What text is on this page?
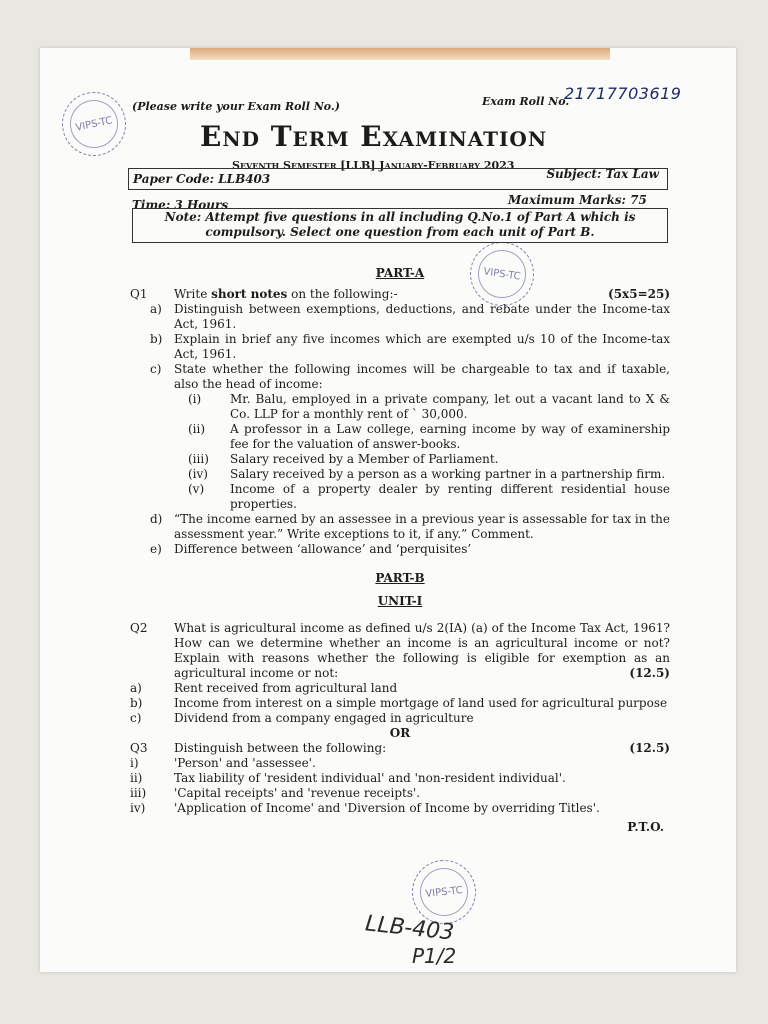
VIPS-TC
VIPS-TC
VIPS-TC
(Please write your Exam Roll No.)	Exam Roll No.
21717703619
End Term Examination
Seventh Semester [LLB] January-February 2023
Paper Code: LLB403	Subject: Tax Law
Time: 3 Hours	Maximum Marks: 75
Note: Attempt five questions in all including Q.No.1 of Part A which is compulsory. Select one question from each unit of Part B.
PART-A
Q1	(5x5=25)
Write short notes on the following:-
a)	Distinguish between exemptions, deductions, and rebate under the Income-tax Act, 1961.
b) Explain in brief any five incomes which are exempted u/s 10 of the Income-tax Act, 1961.
c)	State whether the following incomes will be chargeable to tax and if taxable, also the head of income:
(i)	Mr. Balu, employed in a private company, let out a vacant land to X & Co. LLP for a monthly rent of ` 30,000.
(ii)	A professor in a Law college, earning income by way of examinership fee for the valuation of answer-books.
(iii)	Salary received by a Member of Parliament.
(iv)	Salary received by a person as a working partner in a partnership firm.
(v)	Income of a property dealer by renting different residential house properties.
d) “The income earned by an assessee in a previous year is assessable for tax in the assessment year.” Write exceptions to it, if any.” Comment.
e)	Difference between ‘allowance’ and ‘perquisites’
PART-B
UNIT-I
Q2 What is agricultural income as defined u/s 2(IA) (a) of the Income Tax Act, 1961? How can we determine whether an income is an agricultural income or not? Explain with reasons whether the following is eligible for exemption as an agricultural income or not:	(12.5)
a)	Rent received from agricultural land
b)	Income from interest on a simple mortgage of land used for agricultural purpose
c)	Dividend from a company engaged in agriculture
OR
Q3	(12.5)
Distinguish between the following:
i)	'Person' and 'assessee'.
ii)	Tax liability of 'resident individual' and 'non-resident individual'.
iii)	'Capital receipts' and 'revenue receipts'.
iv)	'Application of Income' and 'Diversion of Income by overriding Titles'.
P.T.O.
LLB-403
P1/2
